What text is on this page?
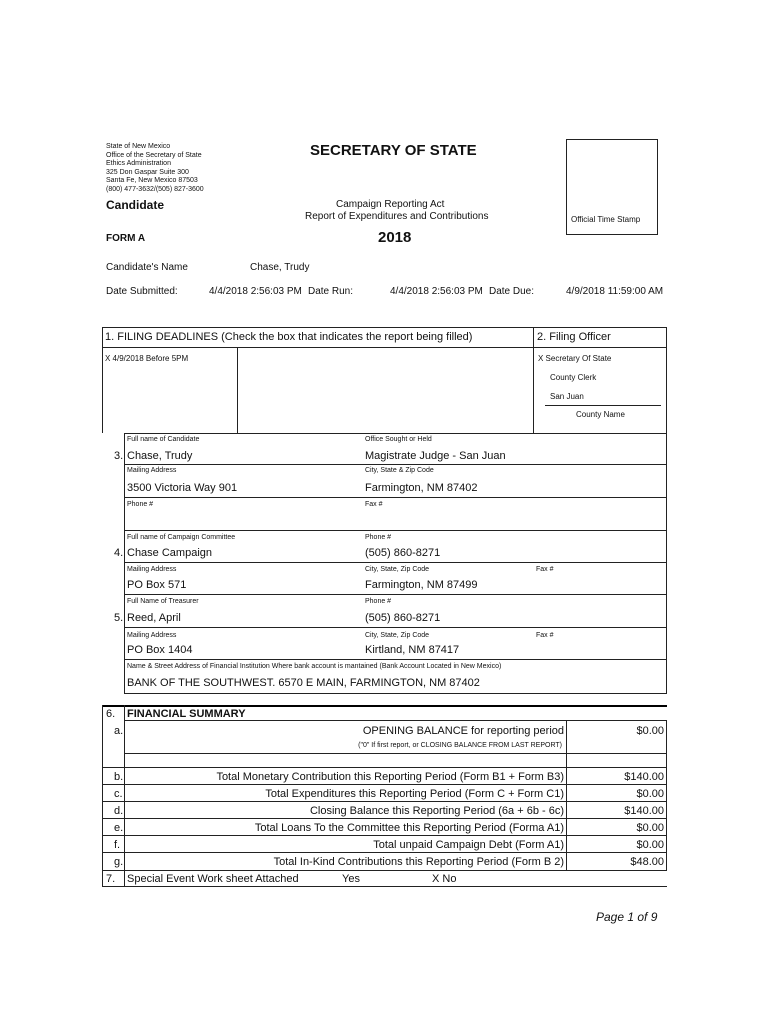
State of New Mexico
Office of the Secretary of State
Ethics Administration
325 Don Gaspar Suite 300
Santa Fe, New Mexico 87503
(800) 477-3632/(505) 827-3600
SECRETARY OF STATE
Candidate	Campaign Reporting Act
Report of Expenditures and Contributions	Official Time Stamp
FORM A	2018
Candidate's Name	Chase, Trudy
Date Submitted:	4/4/2018 2:56:03 PM Date Run:	4/4/2018 2:56:03 PM Date Due:	4/9/2018 11:59:00 AM
1. FILING DEADLINES (Check the box that indicates the report being filled)	2. Filing Officer
X 4/9/2018 Before 5PM	X Secretary Of State
County Clerk
San Juan
County Name
Full name of Candidate	Office Sought or Held
3. Chase, Trudy	Magistrate Judge - San Juan
Mailing Address	City, State & Zip Code
3500 Victoria Way 901	Farmington, NM 87402
Phone #	Fax #
Full name of Campaign Committee	Phone #
4. Chase Campaign	(505) 860-8271
Mailing Address	City, State, Zip Code	Fax #
PO Box 571	Farmington, NM 87499
Full Name of Treasurer	Phone #
5. Reed, April	(505) 860-8271
Mailing Address	City, State, Zip Code	Fax #
PO Box 1404	Kirtland, NM 87417
Name & Street Address of Financial Institution Where bank account is mantained (Bank Account Located in New Mexico)
BANK OF THE SOUTHWEST. 6570 E MAIN, FARMINGTON, NM 87402
6. FINANCIAL SUMMARY
a.	OPENING BALANCE for reporting period	$0.00
("0" If first report, or CLOSING BALANCE FROM LAST REPORT)
b.	Total Monetary Contribution this Reporting Period (Form B1 + Form B3)	$140.00
c.	Total Expenditures this Reporting Period (Form C + Form C1)	$0.00
d.	Closing Balance this Reporting Period (6a + 6b - 6c)	$140.00
e.	Total Loans To the Committee this Reporting Period (Forma A1)	$0.00
f.	Total unpaid Campaign Debt (Form A1)	$0.00
g.	Total In-Kind Contributions this Reporting Period (Form B 2)	$48.00
7. Special Event Work sheet Attached	Yes	X No
Page 1 of 9
